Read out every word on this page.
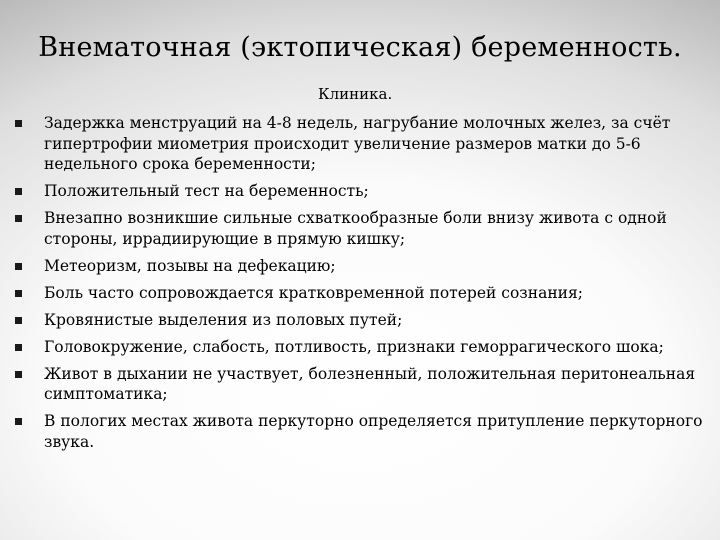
Внематочная (эктопическая) беременность.
Клиника.
Задержка менструаций на 4-8 недель, нагрубание молочных желез, за счёт гипертрофии миометрия происходит увеличение размеров матки до 5-6 недельного срока беременности;
Положительный тест на беременность;
Внезапно возникшие сильные схваткообразные боли внизу живота с одной стороны, иррадиирующие в прямую кишку;
Метеоризм, позывы на дефекацию;
Боль часто сопровождается кратковременной потерей сознания;
Кровянистые выделения из половых путей;
Головокружение, слабость, потливость, признаки геморрагического шока;
Живот в дыхании не участвует, болезненный, положительная перитонеальная симптоматика;
В пологих местах живота перкуторно определяется притупление перкуторного звука.
